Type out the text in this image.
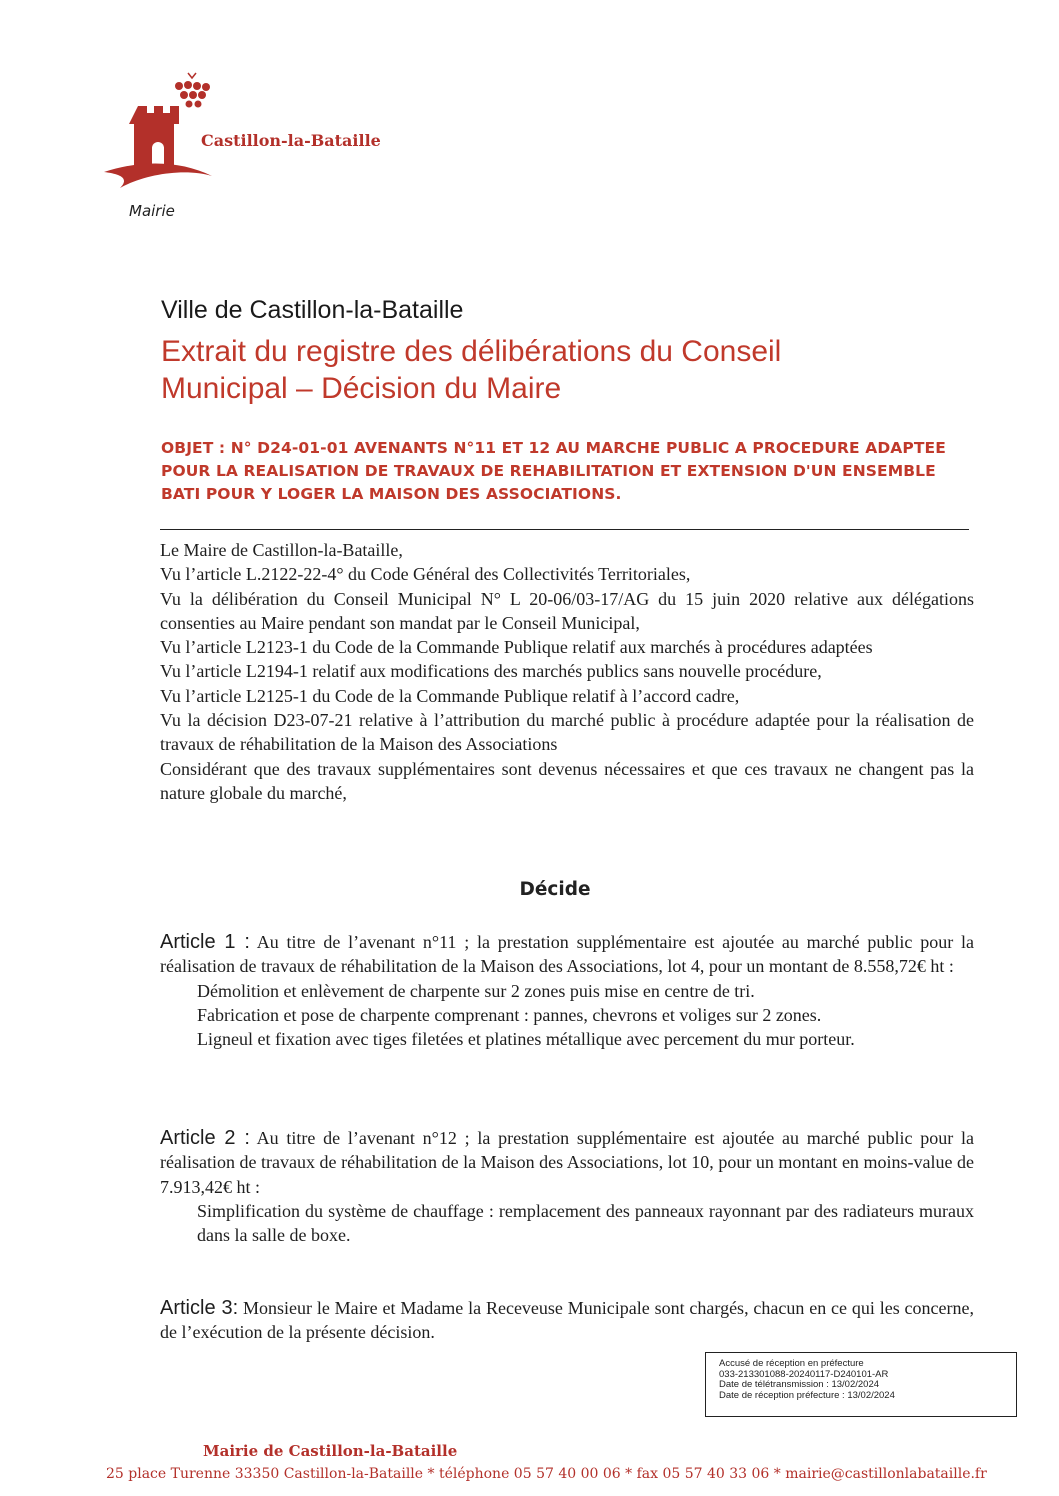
Castillon-la-Bataille
Mairie
Ville de Castillon-la-Bataille
Extrait du registre des délibérations du Conseil
Municipal – Décision du Maire
OBJET : N° D24-01-01 AVENANTS N°11 ET 12 AU MARCHE PUBLIC A PROCEDURE ADAPTEE POUR LA REALISATION DE TRAVAUX DE REHABILITATION ET EXTENSION D'UN ENSEMBLE BATI POUR Y LOGER LA MAISON DES ASSOCIATIONS.

Le Maire de Castillon-la-Bataille,

Vu l’article L.2122-22-4° du Code Général des Collectivités Territoriales,

Vu la délibération du Conseil Municipal N° L 20-06/03-17/AG du 15 juin 2020 relative aux délégations consenties au Maire pendant son mandat par le Conseil Municipal,

Vu l’article L2123-1 du Code de la Commande Publique relatif aux marchés à procédures adaptées

Vu l’article L2194-1 relatif aux modifications des marchés publics sans nouvelle procédure,

Vu l’article L2125-1 du Code de la Commande Publique relatif à l’accord cadre,

Vu la décision D23-07-21 relative à l’attribution du marché public à procédure adaptée pour la réalisation de travaux de réhabilitation de la Maison des Associations

Considérant que des travaux supplémentaires sont devenus nécessaires et que ces travaux ne changent pas la nature globale du marché,

Décide

Article 1 : Au titre de l’avenant n°11 ; la prestation supplémentaire est ajoutée au marché public pour la réalisation de travaux de réhabilitation de la Maison des Associations, lot 4, pour un montant de 8.558,72€ ht :

Démolition et enlèvement de charpente sur 2 zones puis mise en centre de tri.

Fabrication et pose de charpente comprenant : pannes, chevrons et voliges sur 2 zones.

Ligneul et fixation avec tiges filetées et platines métallique avec percement du mur porteur.

Article 2 : Au titre de l’avenant n°12 ; la prestation supplémentaire est ajoutée au marché public pour la réalisation de travaux de réhabilitation de la Maison des Associations, lot 10, pour un montant en moins-value de 7.913,42€ ht :

Simplification du système de chauffage : remplacement des panneaux rayonnant par des radiateurs muraux dans la salle de boxe.

Article 3: Monsieur le Maire et Madame la Receveuse Municipale sont chargés, chacun en ce qui les concerne, de l’exécution de la présente décision.

Accusé de réception en préfecture
033-213301088-20240117-D240101-AR
Date de télétransmission : 13/02/2024
Date de réception préfecture : 13/02/2024
Mairie de Castillon-la-Bataille
25 place Turenne 33350 Castillon-la-Bataille * téléphone 05 57 40 00 06 * fax 05 57 40 33 06 * mairie@castillonlabataille.fr
